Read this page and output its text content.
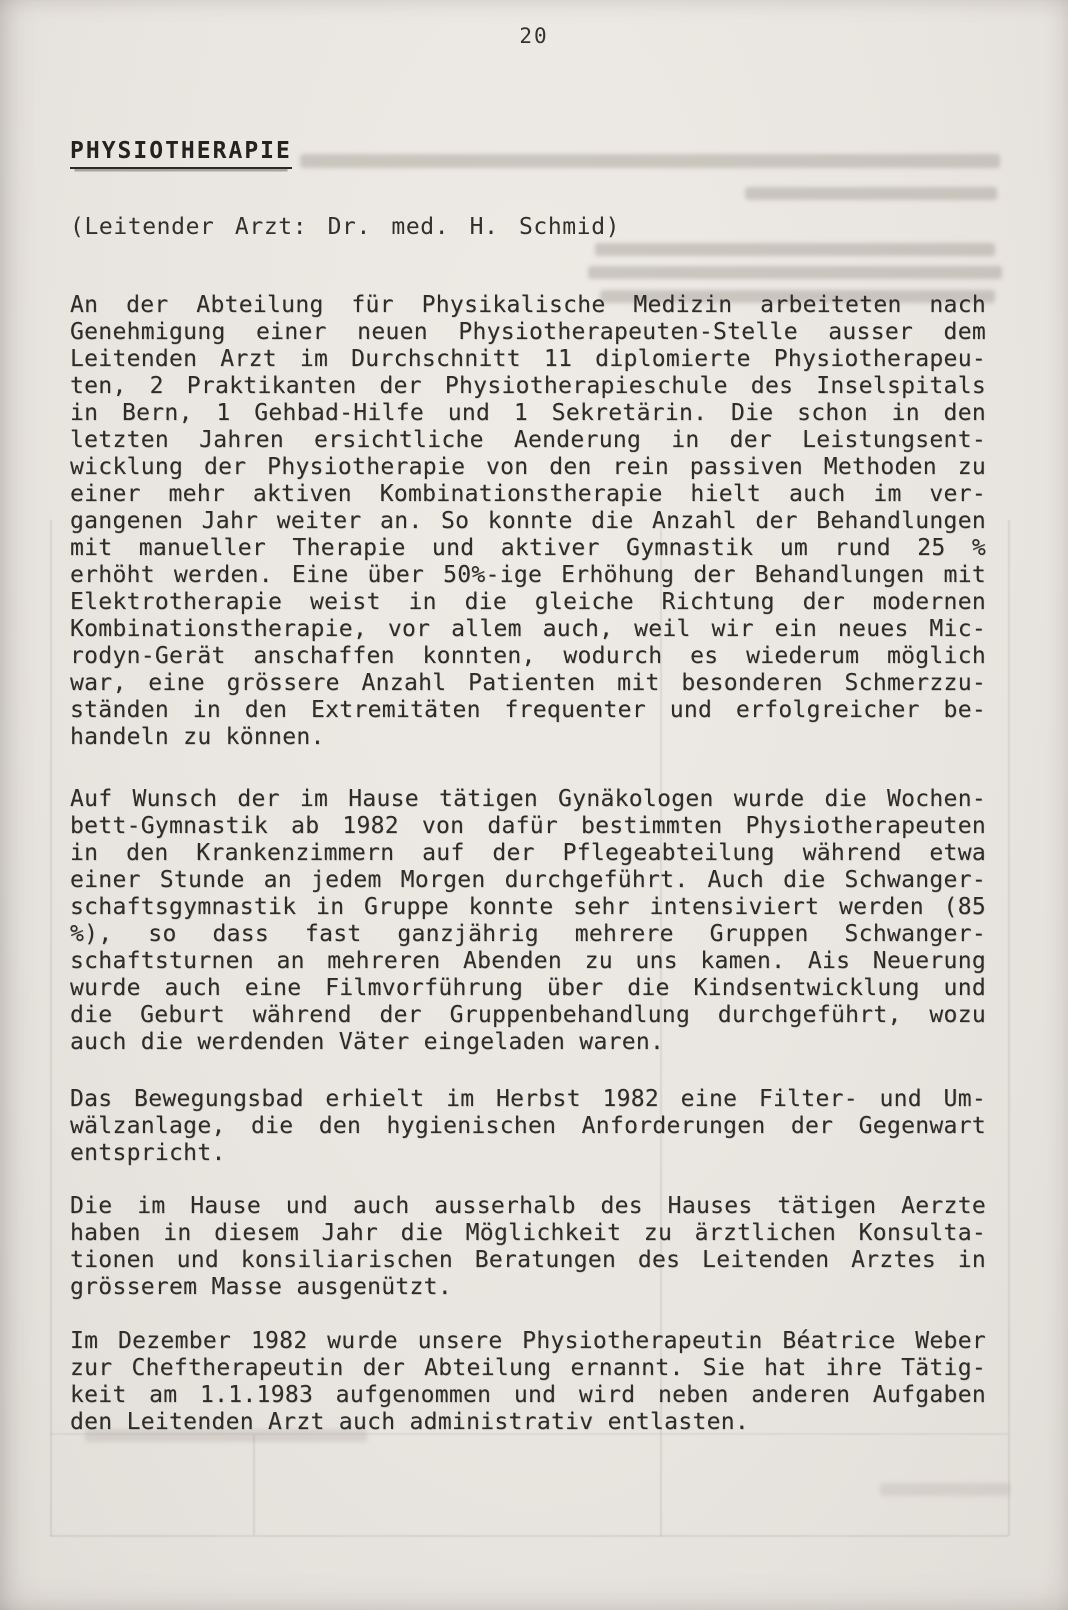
20
PHYSIOTHERAPIE
(Leitender Arzt: Dr. med. H. Schmid)
An der Abteilung für Physikalische Medizin arbeiteten nach
Genehmigung einer neuen Physiotherapeuten-Stelle ausser dem
Leitenden Arzt im Durchschnitt 11 diplomierte Physiotherapeu-
ten, 2 Praktikanten der Physiotherapieschule des Inselspitals
in Bern, 1 Gehbad-Hilfe und 1 Sekretärin. Die schon in den
letzten Jahren ersichtliche Aenderung in der Leistungsent-
wicklung der Physiotherapie von den rein passiven Methoden zu
einer mehr aktiven Kombinationstherapie hielt auch im ver-
gangenen Jahr weiter an. So konnte die Anzahl der Behandlungen
mit manueller Therapie und aktiver Gymnastik um rund 25 %
erhöht werden. Eine über 50%-ige Erhöhung der Behandlungen mit
Elektrotherapie weist in die gleiche Richtung der modernen
Kombinationstherapie, vor allem auch, weil wir ein neues Mic-
rodyn-Gerät anschaffen konnten, wodurch es wiederum möglich
war, eine grössere Anzahl Patienten mit besonderen Schmerzzu-
ständen in den Extremitäten frequenter und erfolgreicher be-
handeln zu können.
Auf Wunsch der im Hause tätigen Gynäkologen wurde die Wochen-
bett-Gymnastik ab 1982 von dafür bestimmten Physiotherapeuten
in den Krankenzimmern auf der Pflegeabteilung während etwa
einer Stunde an jedem Morgen durchgeführt. Auch die Schwanger-
schaftsgymnastik in Gruppe konnte sehr intensiviert werden (85
%), so dass fast ganzjährig mehrere Gruppen Schwanger-
schaftsturnen an mehreren Abenden zu uns kamen. Ais Neuerung
wurde auch eine Filmvorführung über die Kindsentwicklung und
die Geburt während der Gruppenbehandlung durchgeführt, wozu
auch die werdenden Väter eingeladen waren.
Das Bewegungsbad erhielt im Herbst 1982 eine Filter- und Um-
wälzanlage, die den hygienischen Anforderungen der Gegenwart
entspricht.
Die im Hause und auch ausserhalb des Hauses tätigen Aerzte
haben in diesem Jahr die Möglichkeit zu ärztlichen Konsulta-
tionen und konsiliarischen Beratungen des Leitenden Arztes in
grösserem Masse ausgenützt.
Im Dezember 1982 wurde unsere Physiotherapeutin Béatrice Weber
zur Cheftherapeutin der Abteilung ernannt. Sie hat ihre Tätig-
keit am 1.1.1983 aufgenommen und wird neben anderen Aufgaben
den Leitenden Arzt auch administrativ entlasten.
